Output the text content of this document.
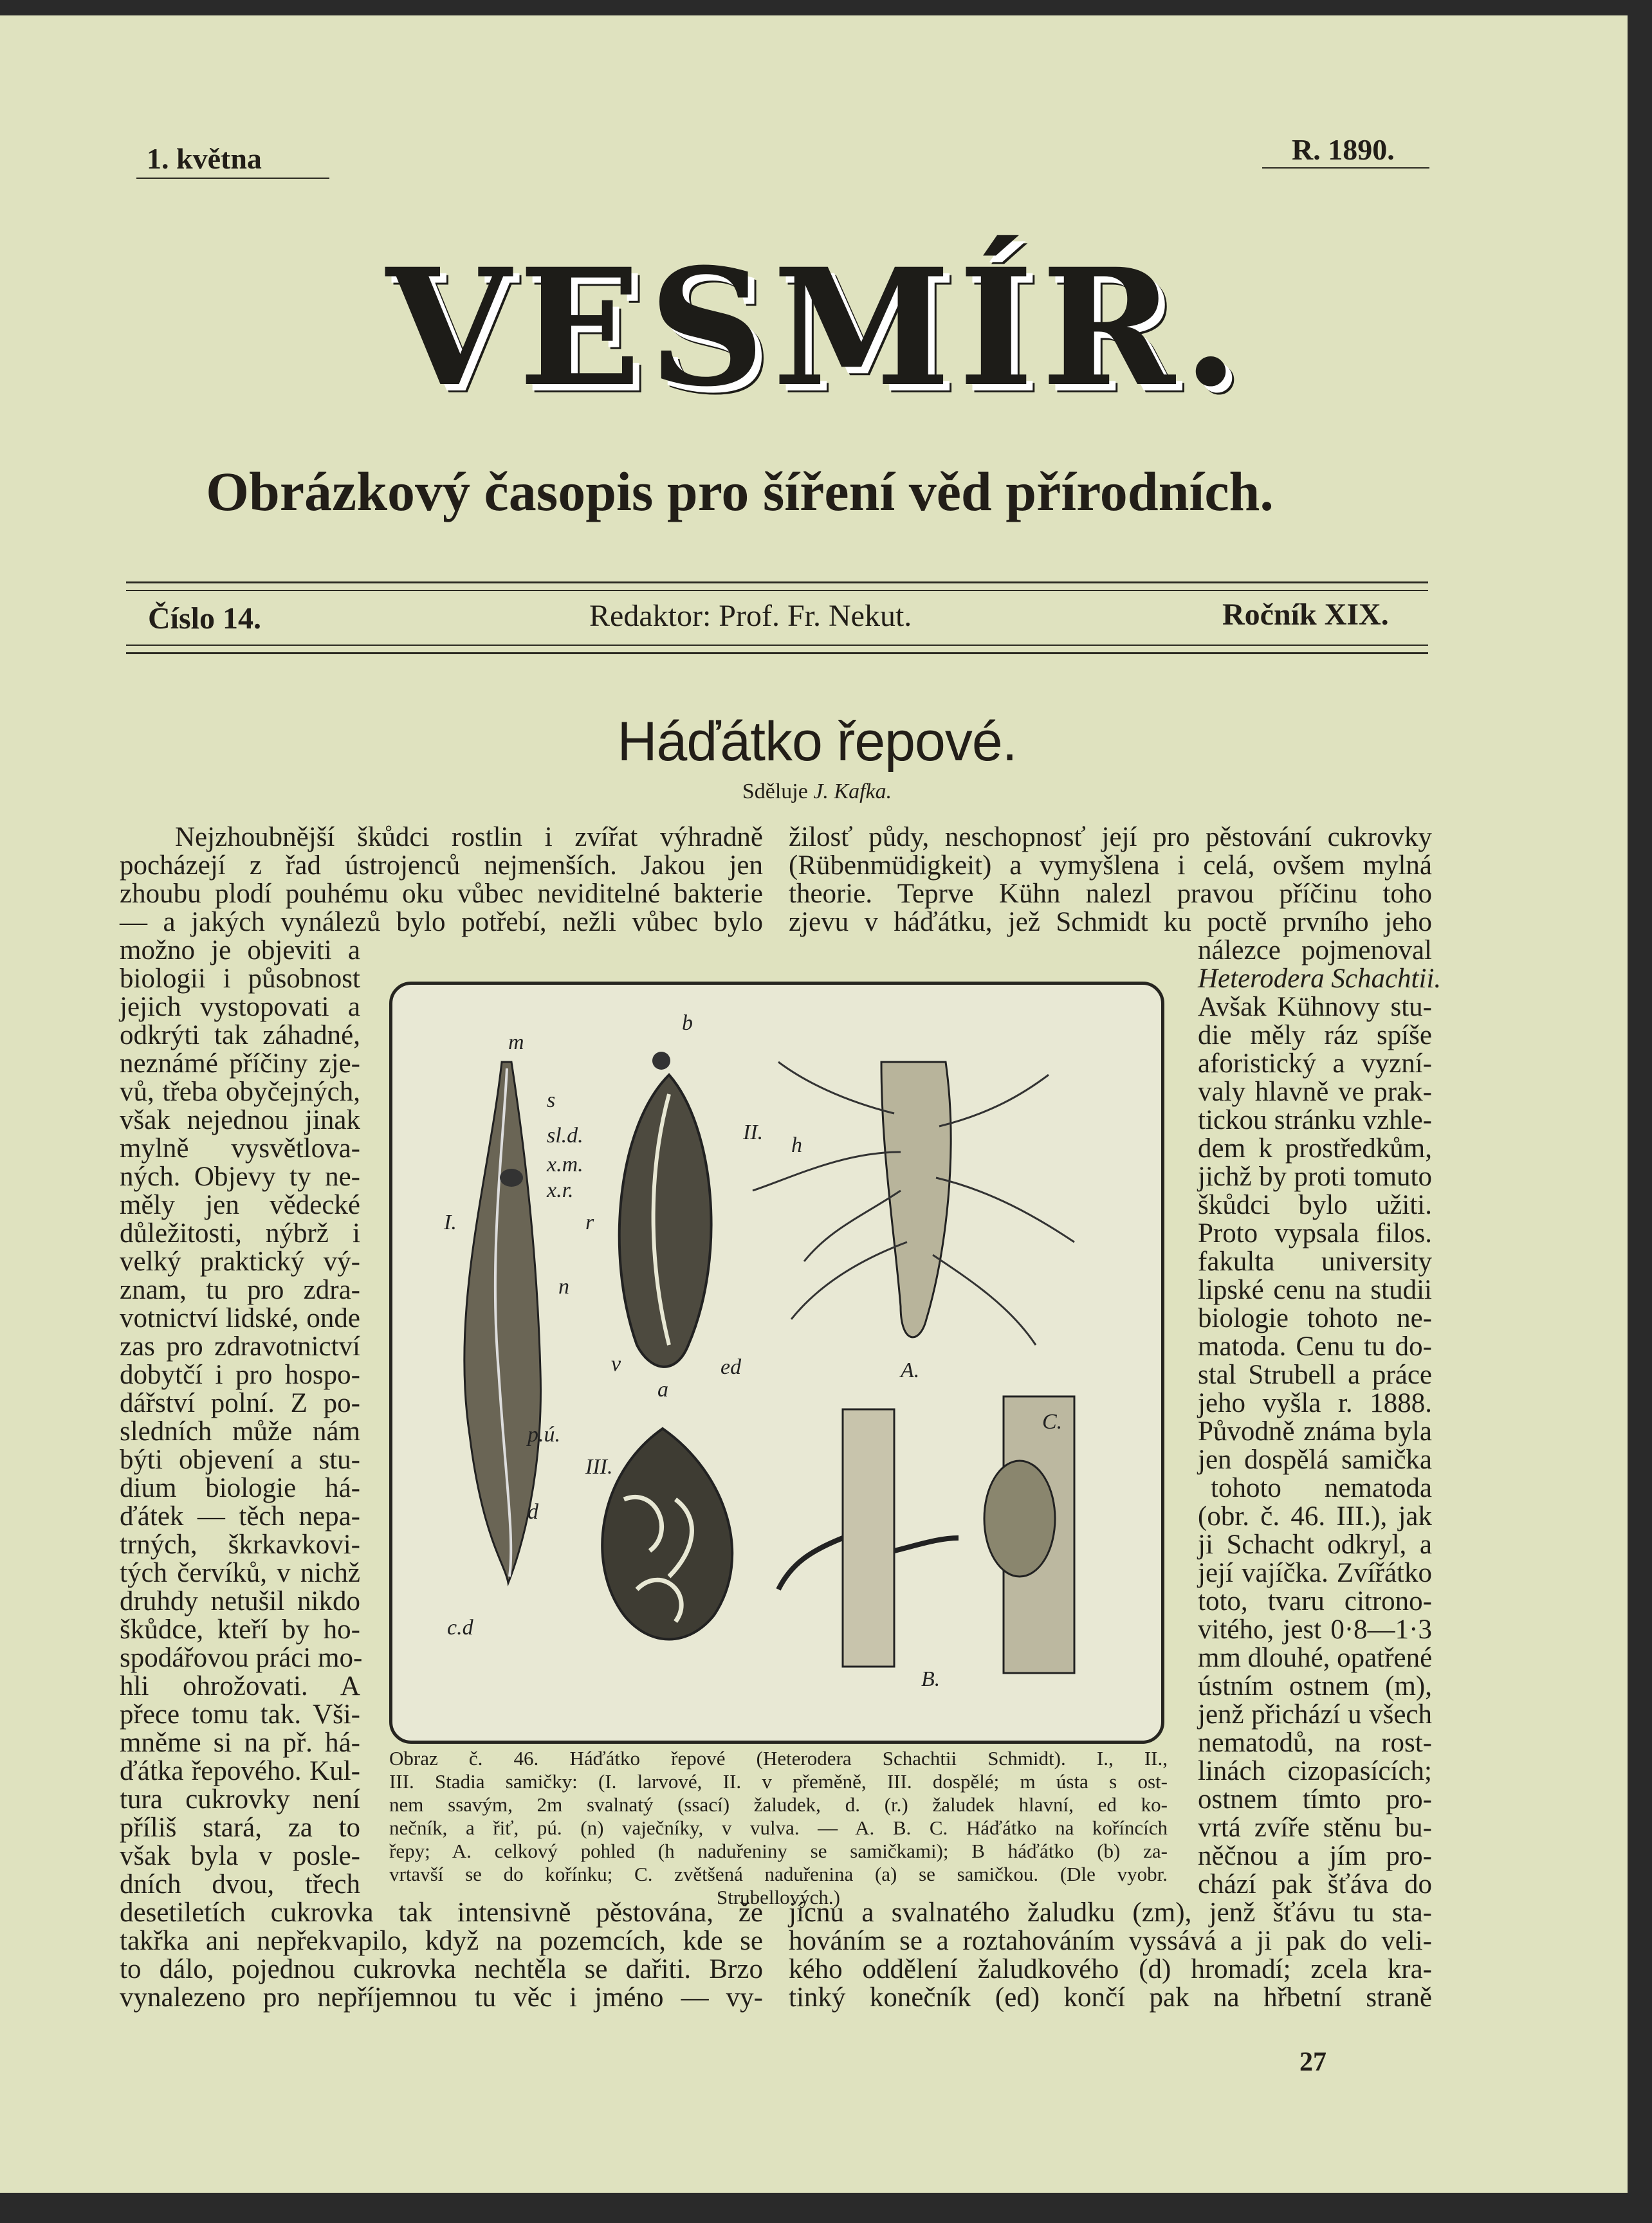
1. května	R. 1890.
VESMÍR.
Obrázkový časopis pro šíření věd přírodních.
Číslo 14.	Redaktor: Prof. Fr. Nekut.	Ročník XIX.
Háďátko řepové.
Sděluje J. Kafka.
Nejzhoubnější škůdci rostlin i zvířat výhradně
pocházejí z řad ústrojenců nejmenších. Jakou jen
zhoubu plodí pouhému oku vůbec neviditelné bakterie
— a jakých vynálezů bylo potřebí, nežli vůbec bylo
možno je objeviti a
biologii i působnost
jejich vystopovati a
odkrýti tak záhadné,
neznámé příčiny zje-
vů, třeba obyčejných,
však nejednou jinak
mylně vysvětlova-
ných. Objevy ty ne-
měly jen vědecké
důležitosti, nýbrž i
velký praktický vý-
znam, tu pro zdra-
votnictví lidské, onde
zas pro zdravotnictví
dobytčí i pro hospo-
dářství polní. Z po-
sledních může nám
býti objevení a stu-
dium biologie há-
ďátek — těch nepa-
trných, škrkavkovi-
tých červíků, v nichž
druhdy netušil nikdo
škůdce, kteří by ho-
spodářovou práci mo-
hli ohrožovati. A
přece tomu tak. Vši-
mněme si na př. há-
ďátka řepového. Kul-
tura cukrovky není
příliš stará, za to
však byla v posle-
dních dvou, třech
desetiletích cukrovka tak intensivně pěstována, že
takřka ani nepřekvapilo, když na pozemcích, kde se
to dálo, pojednou cukrovka nechtěla se dařiti. Brzo
vynalezeno pro nepříjemnou tu věc i jméno — vy-
žilosť půdy, neschopnosť její pro pěstování cukrovky
(Rübenmüdigkeit) a vymyšlena i celá, ovšem mylná
theorie. Teprve Kühn nalezl pravou příčinu toho
zjevu v háďátku, jež Schmidt ku poctě prvního jeho
nálezce pojmenoval
Heterodera Schachtii.
Avšak Kühnovy stu-
die měly ráz spíše
aforistický a vyzní-
valy hlavně ve prak-
tickou stránku vzhle-
dem k prostředkům,
jichž by proti tomuto
škůdci bylo užiti.
Proto vypsala filos.
fakulta university
lipské cenu na studii
biologie tohoto ne-
matoda. Cenu tu do-
stal Strubell a práce
jeho vyšla r. 1888.
Původně známa byla
jen dospělá samička
tohoto nematoda
(obr. č. 46. III.), jak
ji Schacht odkryl, a
její vajíčka. Zvířátko
toto, tvaru citrono-
vitého, jest 0·8—1·3
mm dlouhé, opatřené
ústním ostnem (m),
jenž přichází u všech
nematodů, na rost-
linách cizopasících;
ostnem tímto pro-
vrtá zvíře stěnu bu-
něčnou a jím pro-
chází pak šťáva do
jícnu a svalnatého žaludku (zm), jenž šťávu tu sta-
hováním se a roztahováním vyssává a ji pak do veli-
kého oddělení žaludkového (d) hromadí; zcela kra-
tinký konečník (ed) končí pak na hřbetní straně
m
s
sl.d.
x.m.
x.r.
I.	r
n
II.
b
v	ed
a
p.ú.
d
c.d
A.
h
III.
B.
C.
Obraz č. 46. Háďátko řepové (Heterodera Schachtii Schmidt). I., II.,
III. Stadia samičky: (I. larvové, II. v přeměně, III. dospělé; m ústa s ost-
nem ssavým, 2m svalnatý (ssací) žaludek, d. (r.) žaludek hlavní, ed ko-
nečník, a řiť, pú. (n) vaječníky, v vulva. — A. B. C. Háďátko na koříncích
řepy; A. celkový pohled (h naduřeniny se samičkami); B háďátko (b) za-
vrtavší se do kořínku; C. zvětšená naduřenina (a) se samičkou. (Dle vyobr.
Strubellových.)
27
